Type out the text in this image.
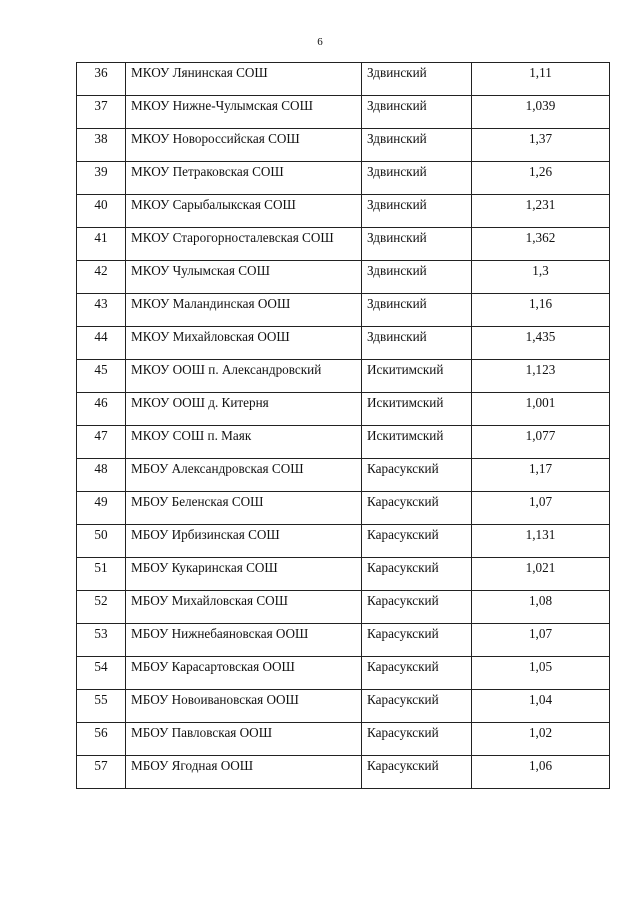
6
36	МКОУ Лянинская СОШ	Здвинский	1,11
37	МКОУ Нижне-Чулымская СОШ	Здвинский	1,039
38	МКОУ Новороссийская СОШ	Здвинский	1,37
39	МКОУ Петраковская СОШ	Здвинский	1,26
40	МКОУ Сарыбалыкская СОШ	Здвинский	1,231
41	МКОУ Старогорносталевская СОШ	Здвинский	1,362
42	МКОУ Чулымская СОШ	Здвинский	1,3
43	МКОУ Маландинская ООШ	Здвинский	1,16
44	МКОУ Михайловская ООШ	Здвинский	1,435
45	МКОУ ООШ п. Александровский	Искитимский	1,123
46	МКОУ ООШ д. Китерня	Искитимский	1,001
47	МКОУ СОШ п. Маяк	Искитимский	1,077
48	МБОУ Александровская СОШ	Карасукский	1,17
49	МБОУ Беленская СОШ	Карасукский	1,07
50	МБОУ Ирбизинская СОШ	Карасукский	1,131
51	МБОУ Кукаринская СОШ	Карасукский	1,021
52	МБОУ Михайловская СОШ	Карасукский	1,08
53	МБОУ Нижнебаяновская ООШ	Карасукский	1,07
54	МБОУ Карасартовская ООШ	Карасукский	1,05
55	МБОУ Новоивановская ООШ	Карасукский	1,04
56	МБОУ Павловская ООШ	Карасукский	1,02
57	МБОУ Ягодная ООШ	Карасукский	1,06
